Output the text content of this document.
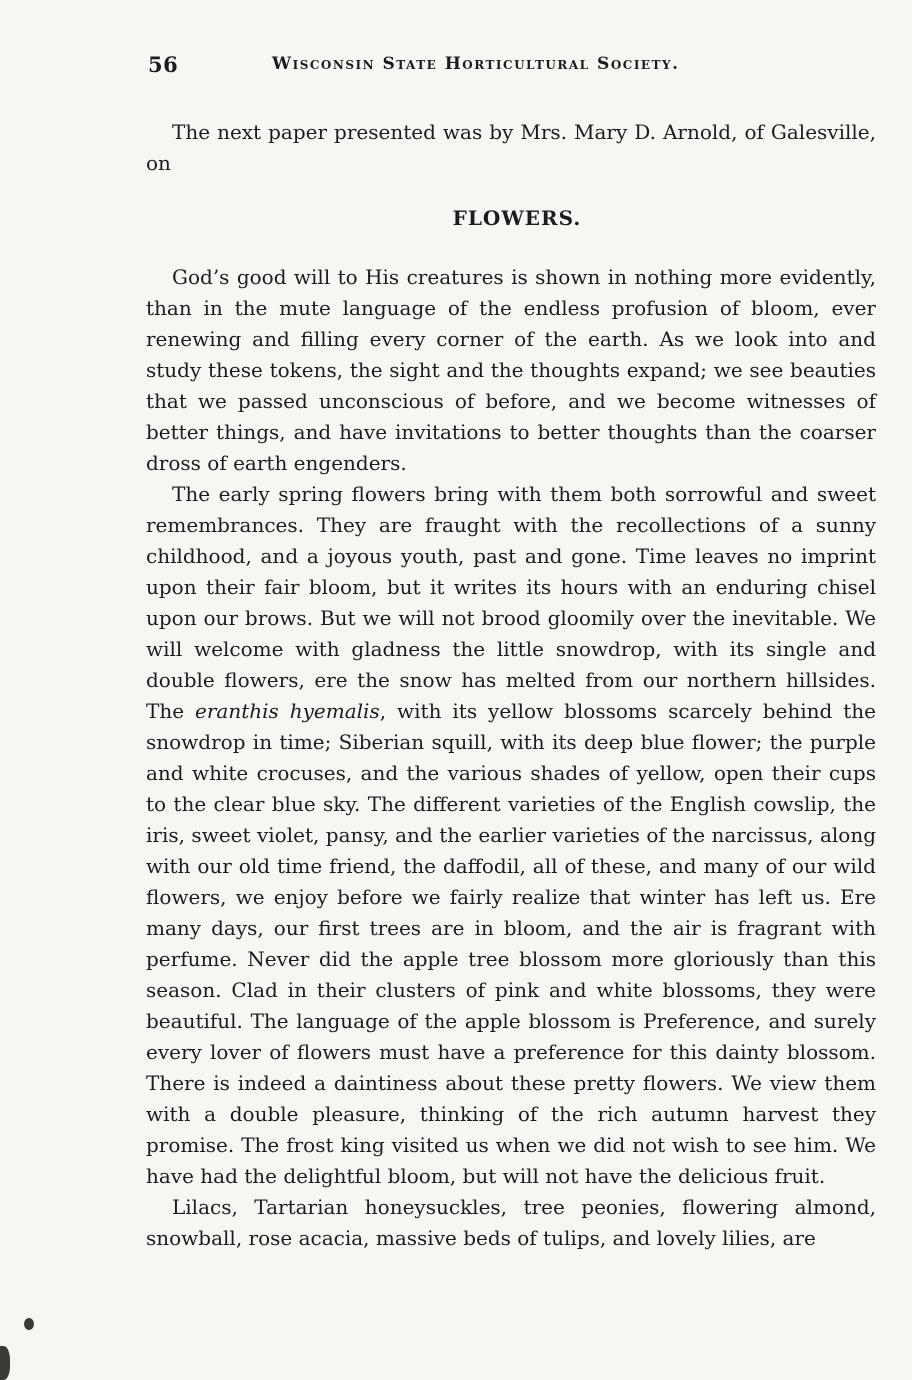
56	Wisconsin State Horticultural Society.

The next paper presented was by Mrs. Mary D. Arnold, of Galesville, on

FLOWERS.

God’s good will to His creatures is shown in nothing more evidently, than in the mute language of the endless profusion of bloom, ever renewing and filling every corner of the earth. As we look into and study these tokens, the sight and the thoughts expand; we see beauties that we passed unconscious of before, and we become witnesses of better things, and have invitations to better thoughts than the coarser dross of earth engenders.

The early spring flowers bring with them both sorrowful and sweet remembrances. They are fraught with the recollections of a sunny childhood, and a joyous youth, past and gone. Time leaves no imprint upon their fair bloom, but it writes its hours with an enduring chisel upon our brows. But we will not brood gloomily over the inevitable. We will welcome with gladness the little snowdrop, with its single and double flowers, ere the snow has melted from our northern hillsides. The eranthis hyemalis, with its yellow blossoms scarcely behind the snowdrop in time; Siberian squill, with its deep blue flower; the purple and white crocuses, and the various shades of yellow, open their cups to the clear blue sky. The different varieties of the English cowslip, the iris, sweet violet, pansy, and the earlier varieties of the narcissus, along with our old time friend, the daffodil, all of these, and many of our wild flowers, we enjoy before we fairly realize that winter has left us. Ere many days, our first trees are in bloom, and the air is fragrant with perfume. Never did the apple tree blossom more gloriously than this season. Clad in their clusters of pink and white blossoms, they were beautiful. The language of the apple blossom is Preference, and surely every lover of flowers must have a preference for this dainty blossom. There is indeed a daintiness about these pretty flowers. We view them with a double pleasure, thinking of the rich autumn harvest they promise. The frost king visited us when we did not wish to see him. We have had the delightful bloom, but will not have the delicious fruit.

Lilacs, Tartarian honeysuckles, tree peonies, flowering almond, snowball, rose acacia, massive beds of tulips, and lovely lilies, are
